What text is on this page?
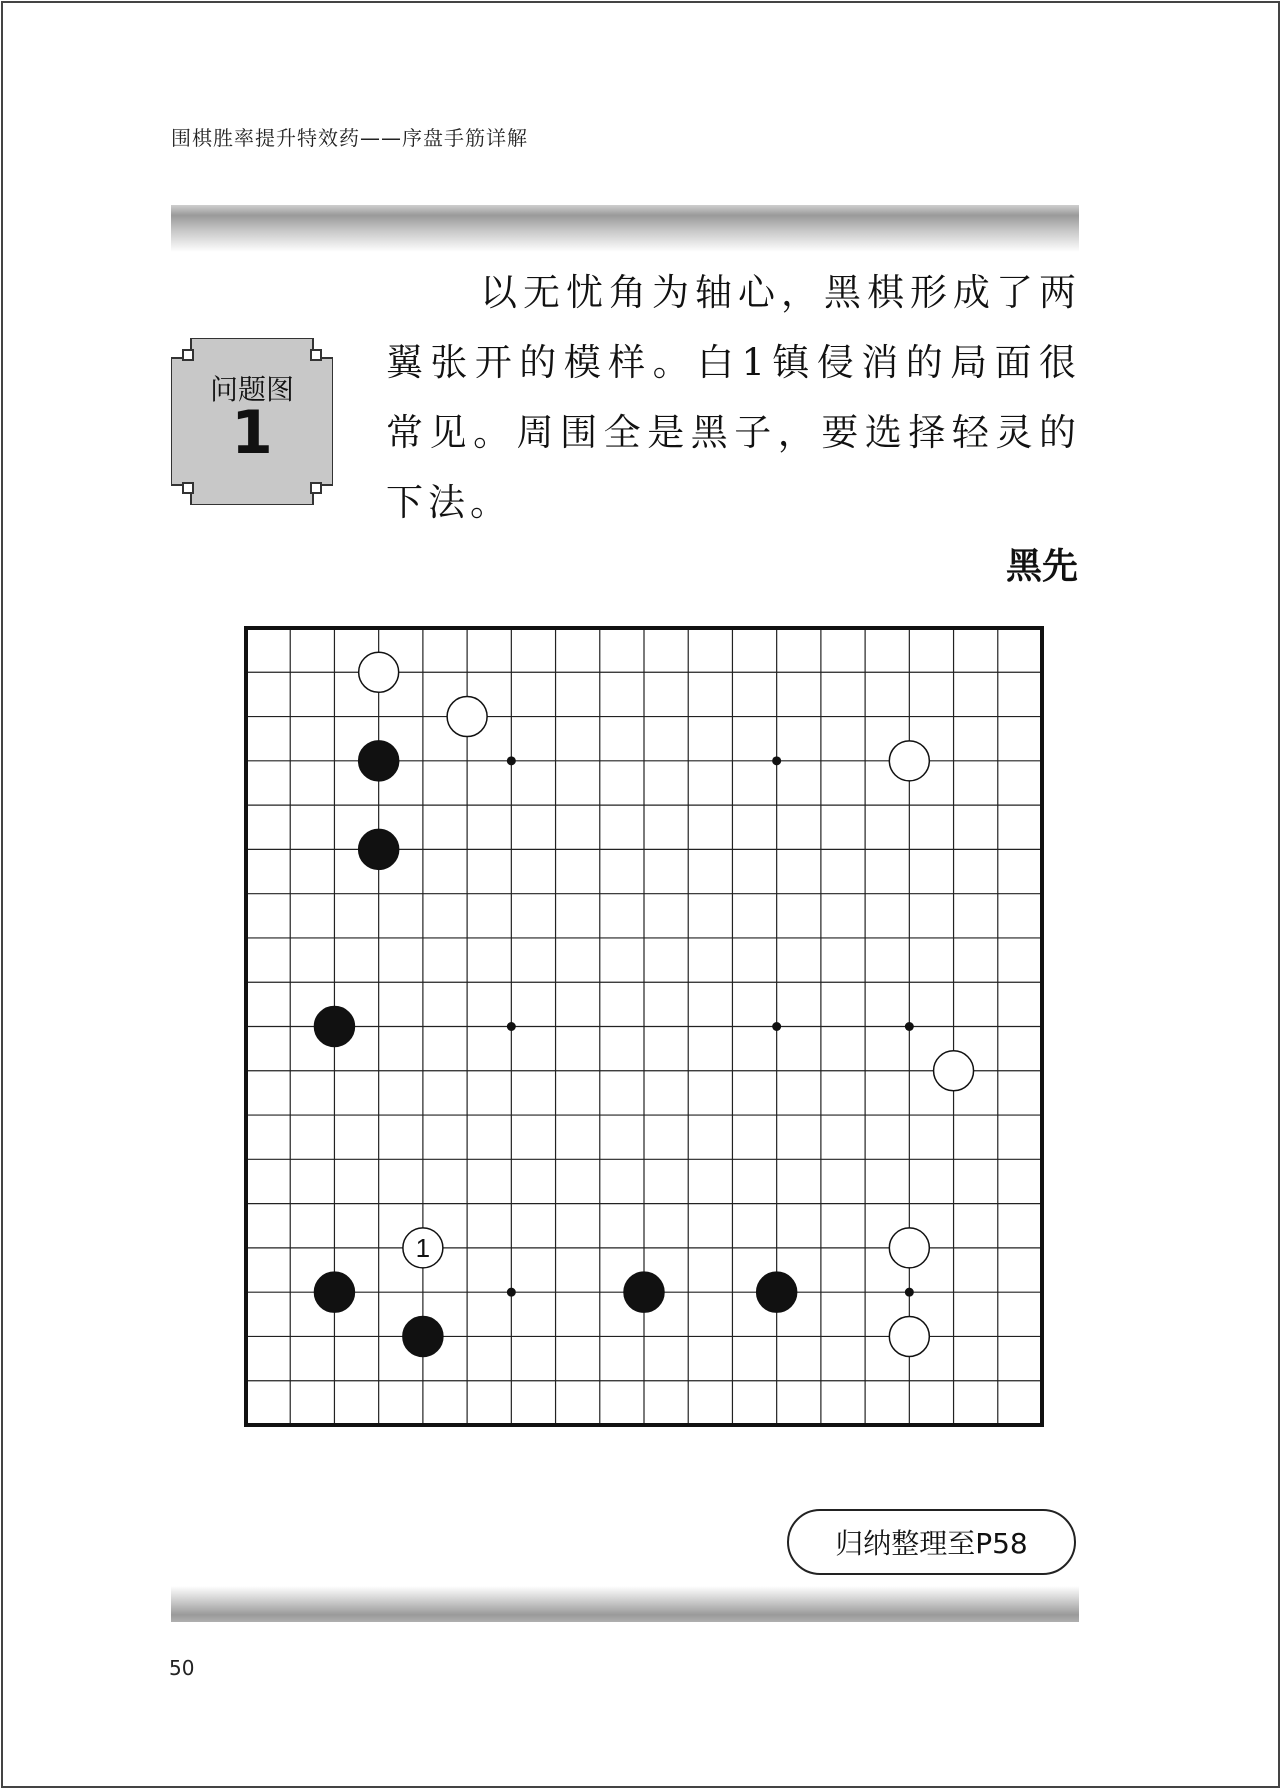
围棋胜率提升特效药——序盘手筋详解
问题图
1
以无忧角为轴心，黑棋形成了两翼张开的模样。白1镇侵消的局面很常见。周围全是黑子，要选择轻灵的下法。
黑先
1
归纳整理至P58
50
